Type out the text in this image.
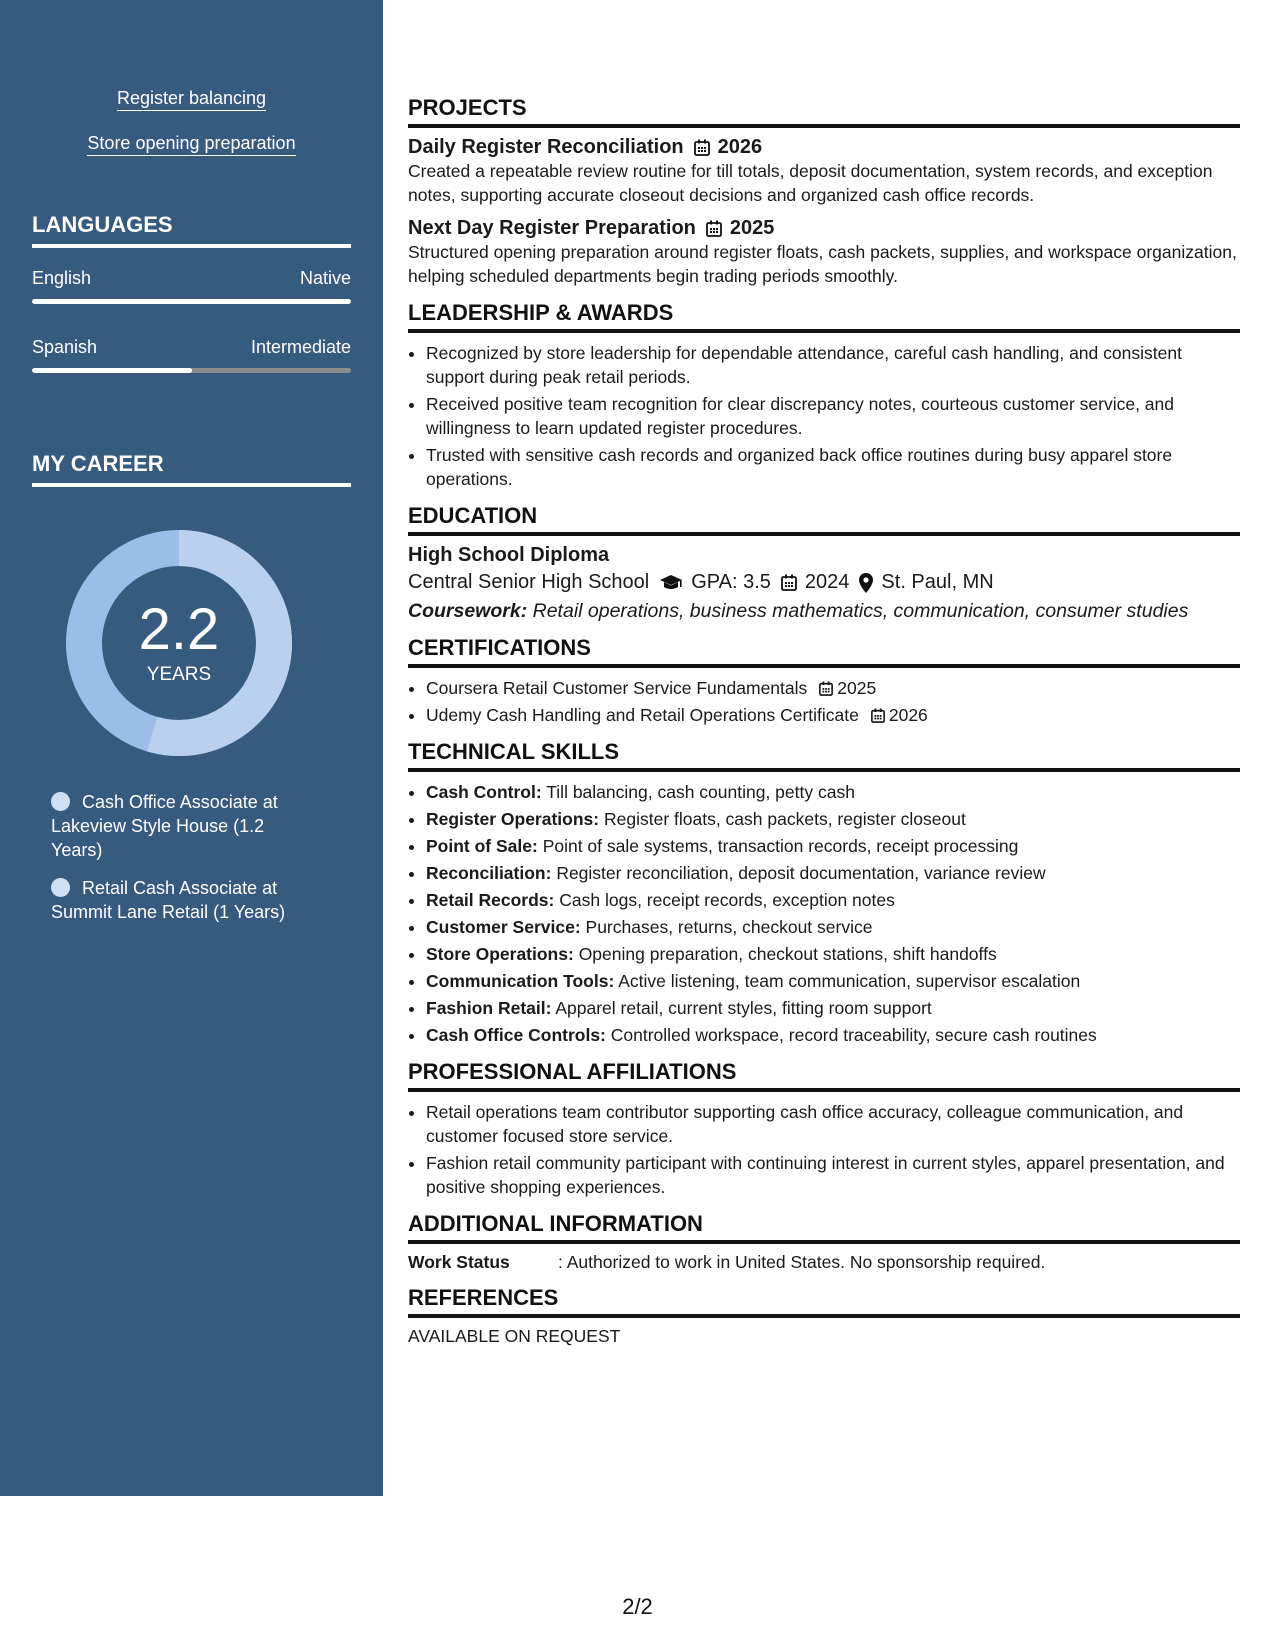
Register balancing
Store opening preparation
LANGUAGES
English	Native
Spanish	Intermediate
MY CAREER
2.2
YEARS
Cash Office Associate at Lakeview Style House (1.2 Years)
Retail Cash Associate at Summit Lane Retail (1 Years)
PROJECTS
Daily Register Reconciliation 2026
Created a repeatable review routine for till totals, deposit documentation, system records, and exception notes, supporting accurate closeout decisions and organized cash office records.
Next Day Register Preparation 2025
Structured opening preparation around register floats, cash packets, supplies, and workspace organization, helping scheduled departments begin trading periods smoothly.
LEADERSHIP & AWARDS
• Recognized by store leadership for dependable attendance, careful cash handling, and consistent support during peak retail periods.
• Received positive team recognition for clear discrepancy notes, courteous customer service, and willingness to learn updated register procedures.
• Trusted with sensitive cash records and organized back office routines during busy apparel store operations.
EDUCATION
High School Diploma
Central Senior High School GPA: 3.5 2024 St. Paul, MN
Coursework: Retail operations, business mathematics, communication, consumer studies
CERTIFICATIONS
• Coursera Retail Customer Service Fundamentals 2025
• Udemy Cash Handling and Retail Operations Certificate 2026
TECHNICAL SKILLS
• Cash Control: Till balancing, cash counting, petty cash
• Register Operations: Register floats, cash packets, register closeout
• Point of Sale: Point of sale systems, transaction records, receipt processing
• Reconciliation: Register reconciliation, deposit documentation, variance review
• Retail Records: Cash logs, receipt records, exception notes
• Customer Service: Purchases, returns, checkout service
• Store Operations: Opening preparation, checkout stations, shift handoffs
• Communication Tools: Active listening, team communication, supervisor escalation
• Fashion Retail: Apparel retail, current styles, fitting room support
• Cash Office Controls: Controlled workspace, record traceability, secure cash routines
PROFESSIONAL AFFILIATIONS
• Retail operations team contributor supporting cash office accuracy, colleague communication, and customer focused store service.
• Fashion retail community participant with continuing interest in current styles, apparel presentation, and positive shopping experiences.
ADDITIONAL INFORMATION
Work Status	: Authorized to work in United States. No sponsorship required.
REFERENCES
AVAILABLE ON REQUEST
2/2
